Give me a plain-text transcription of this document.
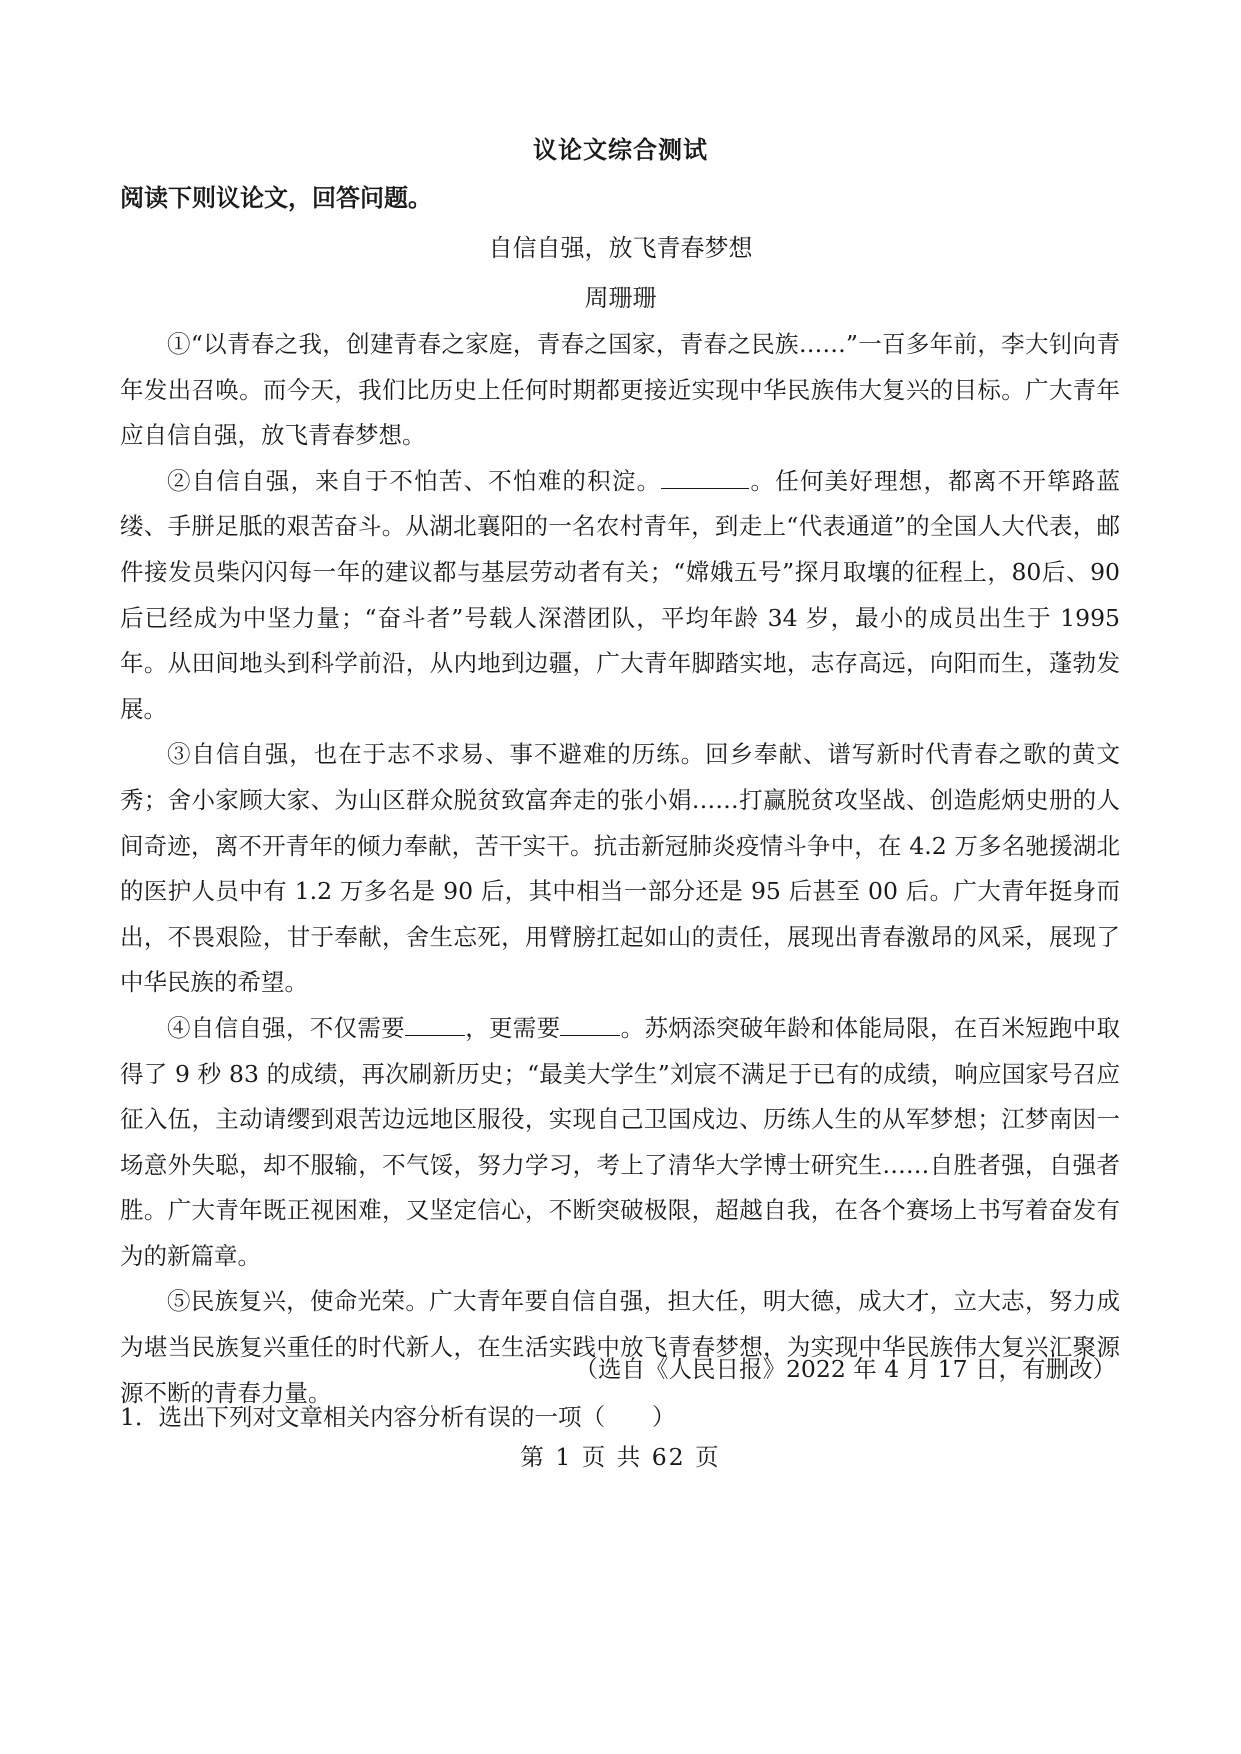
议论文综合测试
阅读下则议论文，回答问题。
自信自强，放飞青春梦想
周珊珊

①“以青春之我，创建青春之家庭，青春之国家，青春之民族……”一百多年前，李大钊向青年发出召唤。而今天，我们比历史上任何时期都更接近实现中华民族伟大复兴的目标。广大青年应自信自强，放飞青春梦想。

②自信自强，来自于不怕苦、不怕难的积淀。	。任何美好理想，都离不开筚路蓝缕、手胼足胝的艰苦奋斗。从湖北襄阳的一名农村青年，到走上“代表通道”的全国人大代表，邮件接发员柴闪闪每一年的建议都与基层劳动者有关；“嫦娥五号”探月取壤的征程上，80后、90后已经成为中坚力量；“奋斗者”号载人深潜团队，平均年龄 34 岁，最小的成员出生于 1995 年。从田间地头到科学前沿，从内地到边疆，广大青年脚踏实地，志存高远，向阳而生，蓬勃发展。

③自信自强，也在于志不求易、事不避难的历练。回乡奉献、谱写新时代青春之歌的黄文秀；舍小家顾大家、为山区群众脱贫致富奔走的张小娟……打赢脱贫攻坚战、创造彪炳史册的人间奇迹，离不开青年的倾力奉献，苦干实干。抗击新冠肺炎疫情斗争中，在 4.2 万多名驰援湖北的医护人员中有 1.2 万多名是 90 后，其中相当一部分还是 95 后甚至 00 后。广大青年挺身而出，不畏艰险，甘于奉献，舍生忘死，用臂膀扛起如山的责任，展现出青春激昂的风采，展现了中华民族的希望。

④自信自强，不仅需要	，更需要	。苏炳添突破年龄和体能局限，在百米短跑中取得了 9 秒 83 的成绩，再次刷新历史；“最美大学生”刘宸不满足于已有的成绩，响应国家号召应征入伍，主动请缨到艰苦边远地区服役，实现自己卫国戍边、历练人生的从军梦想；江梦南因一场意外失聪，却不服输，不气馁，努力学习，考上了清华大学博士研究生……自胜者强，自强者胜。广大青年既正视困难，又坚定信心，不断突破极限，超越自我，在各个赛场上书写着奋发有为的新篇章。

⑤民族复兴，使命光荣。广大青年要自信自强，担大任，明大德，成大才，立大志，努力成为堪当民族复兴重任的时代新人，在生活实践中放飞青春梦想，为实现中华民族伟大复兴汇聚源源不断的青春力量。

（选自《人民日报》2022 年 4 月 17 日，有删改）
1．选出下列对文章相关内容分析有误的一项（　　）
第 1 页 共 62 页
